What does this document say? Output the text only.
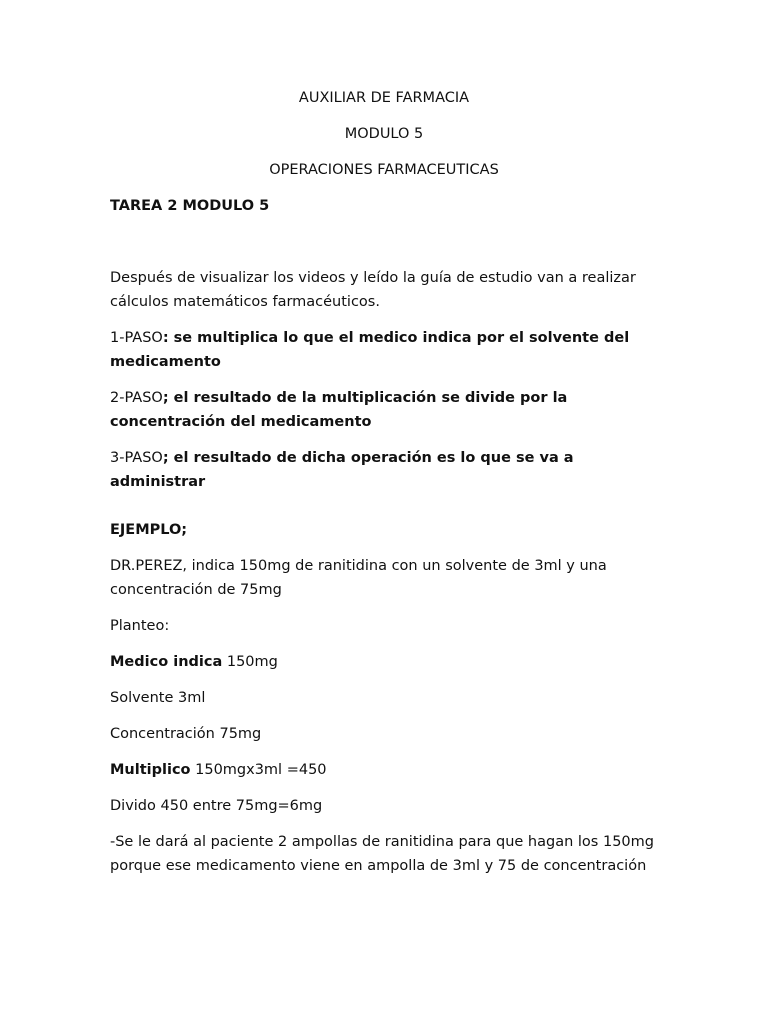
AUXILIAR DE FARMACIA
MODULO 5
OPERACIONES FARMACEUTICAS
TAREA 2 MODULO 5
Después de visualizar los videos y leído la guía de estudio van a realizar cálculos matemáticos farmacéuticos.
1-PASO: se multiplica lo que el medico indica por el solvente del medicamento
2-PASO; el resultado de la multiplicación se divide por la concentración del medicamento
3-PASO; el resultado de dicha operación es lo que se va a administrar
EJEMPLO;
DR.PEREZ, indica 150mg de ranitidina con un solvente de 3ml y una concentración de 75mg
Planteo:
Medico indica 150mg
Solvente 3ml
Concentración 75mg
Multiplico 150mgx3ml =450
Divido 450 entre 75mg=6mg
-Se le dará al paciente 2 ampollas de ranitidina para que hagan los 150mg porque ese medicamento viene en ampolla de 3ml y 75 de concentración
